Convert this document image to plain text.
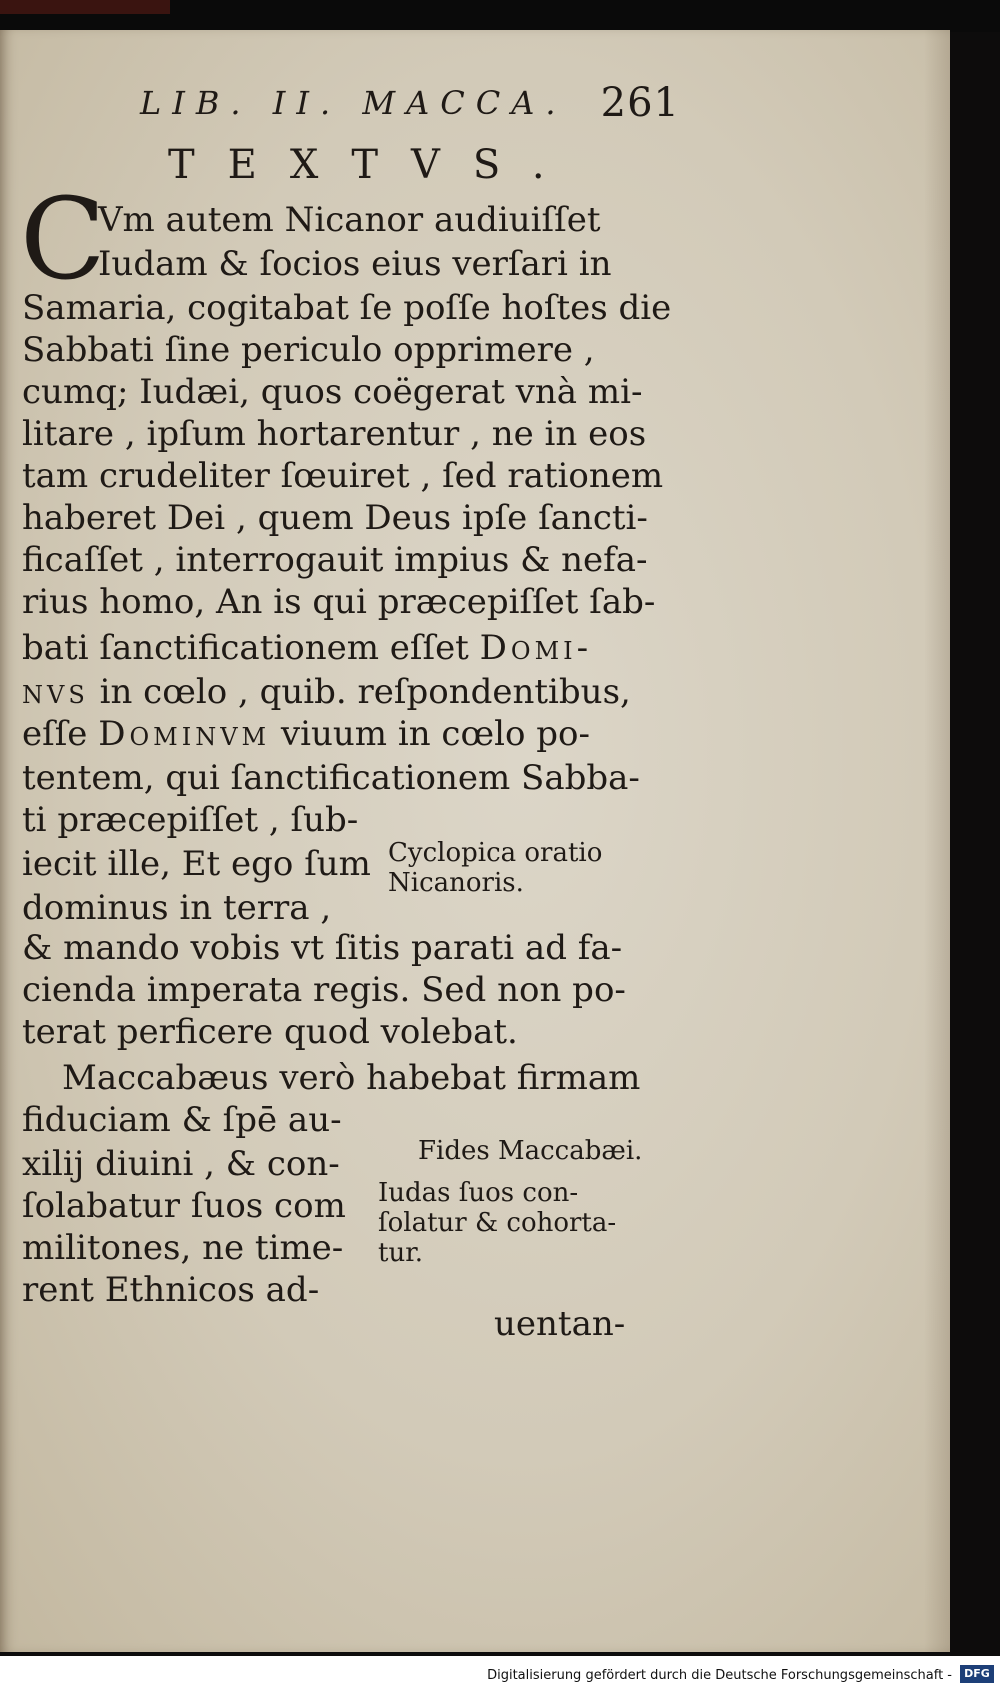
LIB. II. MACCA. 261
TEXTVS.
C
Vm autem Nicanor audiuiſſet
Iudam & ſocios eius verſari in
Samaria, cogitabat ſe poſſe hoſtes die
Sabbati ſine periculo opprimere ,
cumq; Iudæi, quos coëgerat vnà mi-
litare , ipſum hortarentur , ne in eos
tam crudeliter ſœuiret , ſed rationem
haberet Dei , quem Deus ipſe ſancti-
ficaſſet , interrogauit impius & nefa-
rius homo, An is qui præcepiſſet ſab-
bati ſanctificationem eſſet Domi-
nvs in cœlo , quib. reſpondentibus,
eſſe Dominvm viuum in cœlo po-
tentem, qui ſanctificationem Sabba-
ti præcepiſſet , ſub-
iecit ille, Et ego ſum
dominus in terra ,
& mando vobis vt ſitis parati ad fa-
cienda imperata regis. Sed non po-
terat perficere quod volebat.
Maccabæus verò habebat firmam
fiduciam & ſpē au-
xilij diuini , & con-
ſolabatur ſuos com
militones, ne time-
rent Ethnicos ad-
Cyclopica oratio
Nicanoris.
Fides Maccabæi.
Iudas ſuos con-
ſolatur & cohorta-
tur.
uentan-
Digitalisierung gefördert durch die Deutsche Forschungsgemeinschaft -	DFG
